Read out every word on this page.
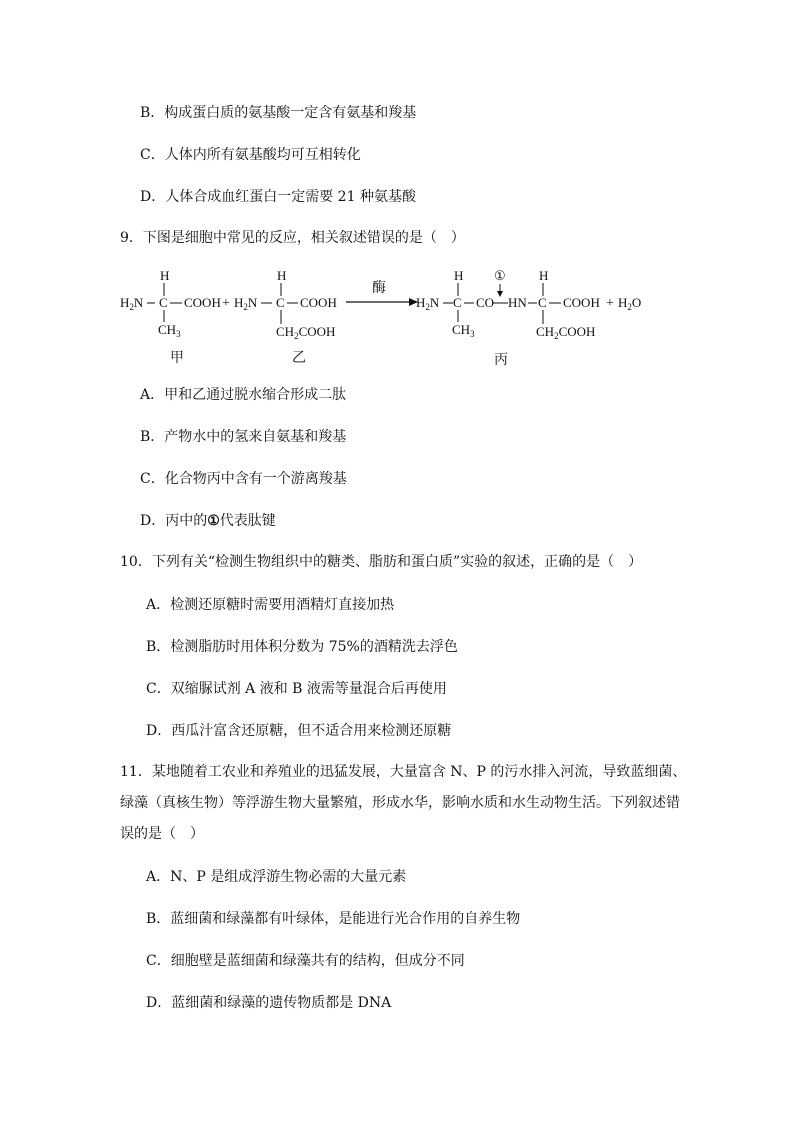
B．构成蛋白质的氨基酸一定含有氨基和羧基
C．人体内所有氨基酸均可互相转化
D．人体合成血红蛋白一定需要 21 种氨基酸
9．下图是细胞中常见的反应，相关叙述错误的是（　）
H
$H_2N$ C COOH
$CH_3$
+ $H_2N$
H
C COOH
$CH_2COOH$
酶
$H_2N$
H
C
$CH_3$
CO
①
HN
H
C COOH
$CH_2COOH$
+ $H_2O$
甲	乙	丙
A．甲和乙通过脱水缩合形成二肽
B．产物水中的氢来自氨基和羧基
C．化合物丙中含有一个游离羧基
D．丙中的①代表肽键
10．下列有关“检测生物组织中的糖类、脂肪和蛋白质”实验的叙述，正确的是（　）
A．检测还原糖时需要用酒精灯直接加热
B．检测脂肪时用体积分数为 75%的酒精洗去浮色
C．双缩脲试剂 A 液和 B 液需等量混合后再使用
D．西瓜汁富含还原糖，但不适合用来检测还原糖
11．某地随着工农业和养殖业的迅猛发展，大量富含 N、P 的污水排入河流，导致蓝细菌、
绿藻（真核生物）等浮游生物大量繁殖，形成水华，影响水质和水生动物生活。下列叙述错
误的是（　）
A．N、P 是组成浮游生物必需的大量元素
B．蓝细菌和绿藻都有叶绿体，是能进行光合作用的自养生物
C．细胞壁是蓝细菌和绿藻共有的结构，但成分不同
D．蓝细菌和绿藻的遗传物质都是 DNA
